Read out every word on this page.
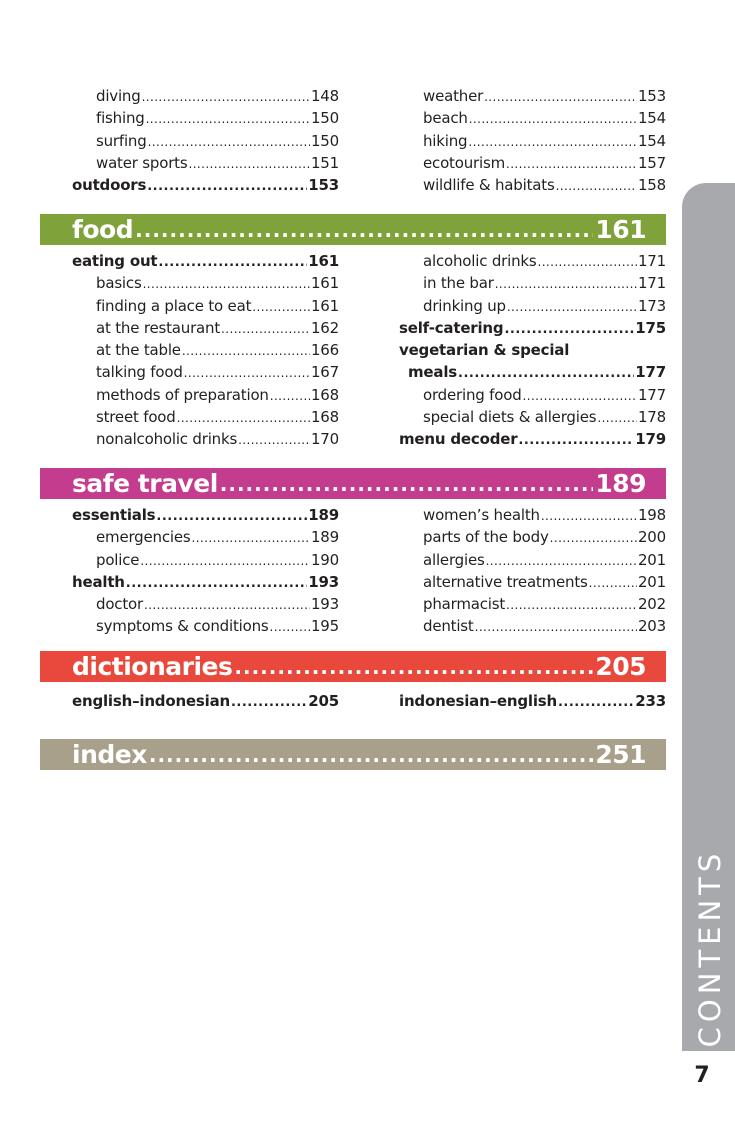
diving .....	148
fishing .....	150
surfing .....	150
water sports .....	151
outdoors .....	153
weather .....	153
beach .....	154
hiking .....	154
ecotourism .....	157
wildlife & habitats .....	158
food .....	161
eating out .....	161
basics .....	161
finding a place to eat .....	161
at the restaurant .....	162
at the table .....	166
talking food .....	167
methods of preparation .....	168
street food .....	168
nonalcoholic drinks .....	170
alcoholic drinks .....	171
in the bar .....	171
drinking up .....	173
self-catering .....	175
vegetarian & special
meals .....	177
ordering food .....	177
special diets & allergies .....	178
menu decoder .....	179
safe travel .....	189
essentials .....	189
emergencies .....	189
police .....	190
health .....	193
doctor .....	193
symptoms & conditions .....	195
women’s health .....	198
parts of the body .....	200
allergies .....	201
alternative treatments .....	201
pharmacist .....	202
dentist .....	203
dictionaries .....	205
english–indonesian .....	205	indonesian–english .....	233
index .....	251
CONTENTS
7
